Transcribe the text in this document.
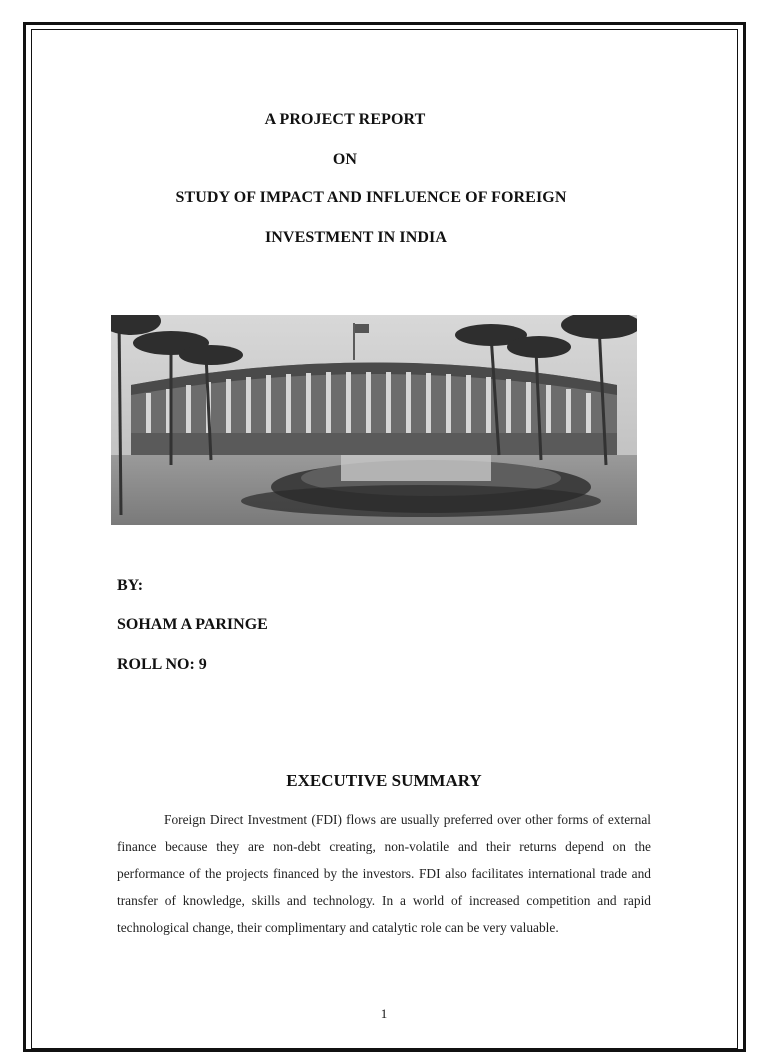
A PROJECT REPORT
ON
STUDY OF IMPACT AND INFLUENCE OF FOREIGN
INVESTMENT IN INDIA
BY:
SOHAM A PARINGE
ROLL NO: 9
EXECUTIVE SUMMARY

Foreign Direct Investment (FDI) flows are usually preferred over other forms of external finance because they are non-debt creating, non-volatile and their returns depend on the performance of the projects financed by the investors. FDI also facilitates international trade and transfer of knowledge, skills and technology. In a world of increased competition and rapid technological change, their complimentary and catalytic role can be very valuable.

1
